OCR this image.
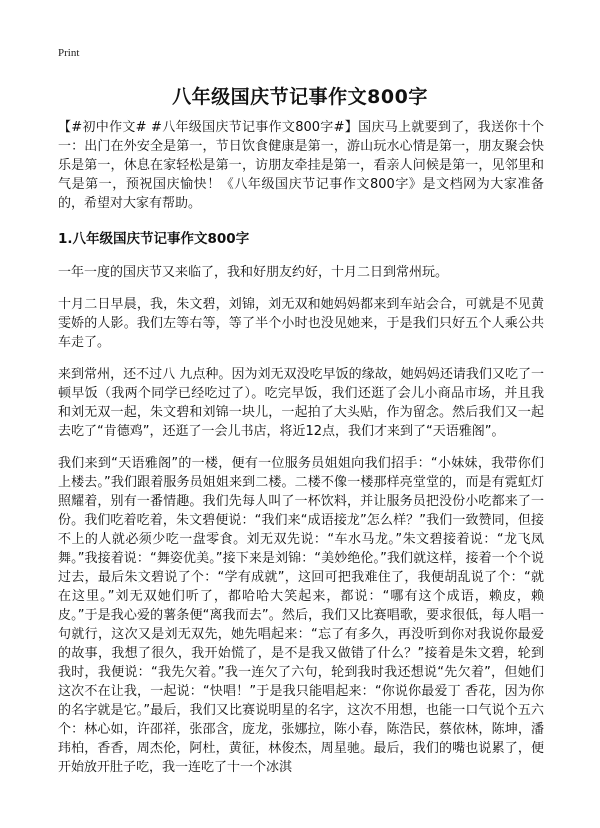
Print
八年级国庆节记事作文800字

【#初中作文# #八年级国庆节记事作文800字#】国庆马上就要到了，我送你十个一：出门在外安全是第一，节日饮食健康是第一，游山玩水心情是第一，朋友聚会快乐是第一，休息在家轻松是第一，访朋友牵挂是第一，看亲人问候是第一，见邻里和气是第一，预祝国庆愉快！《八年级国庆节记事作文800字》是文档网为大家准备的，希望对大家有帮助。

1.八年级国庆节记事作文800字

一年一度的国庆节又来临了，我和好朋友约好，十月二日到常州玩。

十月二日早晨，我，朱文碧，刘锦，刘无双和她妈妈都来到车站会合，可就是不见黄雯娇的人影。我们左等右等，等了半个小时也没见她来，于是我们只好五个人乘公共车走了。

来到常州，还不过八 九点种。因为刘无双没吃早饭的缘故，她妈妈还请我们又吃了一顿早饭（我两个同学已经吃过了）。吃完早饭，我们还逛了会儿小商品市场，并且我和刘无双一起，朱文碧和刘锦一块儿，一起拍了大头贴，作为留念。然后我们又一起去吃了“肯德鸡”，还逛了一会儿书店，将近12点，我们才来到了“天语雅阁”。

我们来到“天语雅阁”的一楼，便有一位服务员姐姐向我们招手：“小妹妹，我带你们上楼去。”我们跟着服务员姐姐来到二楼。二楼不像一楼那样亮堂堂的，而是有霓虹灯照耀着，别有一番情趣。我们先每人叫了一杯饮料，并让服务员把没份小吃都来了一份。我们吃着吃着，朱文碧便说：“我们来“成语接龙”怎么样？”我们一致赞同，但接不上的人就必须少吃一盘零食。刘无双先说：“车水马龙。”朱文碧接着说：“龙飞凤舞。”我接着说：“舞姿优美。”接下来是刘锦：“美妙绝伦。”我们就这样，接着一个个说过去，最后朱文碧说了个：“学有成就”，这回可把我难住了，我便胡乱说了个：“就在这里。”刘无双她们听了，都哈哈大笑起来，都说：“哪有这个成语，赖皮，赖皮。”于是我心爱的薯条便“离我而去”。然后，我们又比赛唱歌，要求很低，每人唱一句就行，这次又是刘无双先，她先唱起来：“忘了有多久，再没听到你对我说你最爱的故事，我想了很久，我开始慌了，是不是我又做错了什么？”接着是朱文碧，轮到我时，我便说：“我先欠着。”我一连欠了六句，轮到我时我还想说“先欠着”，但她们这次不在让我，一起说：“快唱！”于是我只能唱起来：“你说你最爱丁 香花，因为你的名字就是它。”最后，我们又比赛说明星的名字，这次不用想，也能一口气说个五六个：林心如，许邵祥，张邵含，庞龙，张娜拉，陈小春，陈浩民，蔡依林，陈坤，潘玮柏，香香，周杰伦，阿杜，黄征，林俊杰，周星驰。最后，我们的嘴也说累了，便开始放开肚子吃，我一连吃了十一个冰淇
